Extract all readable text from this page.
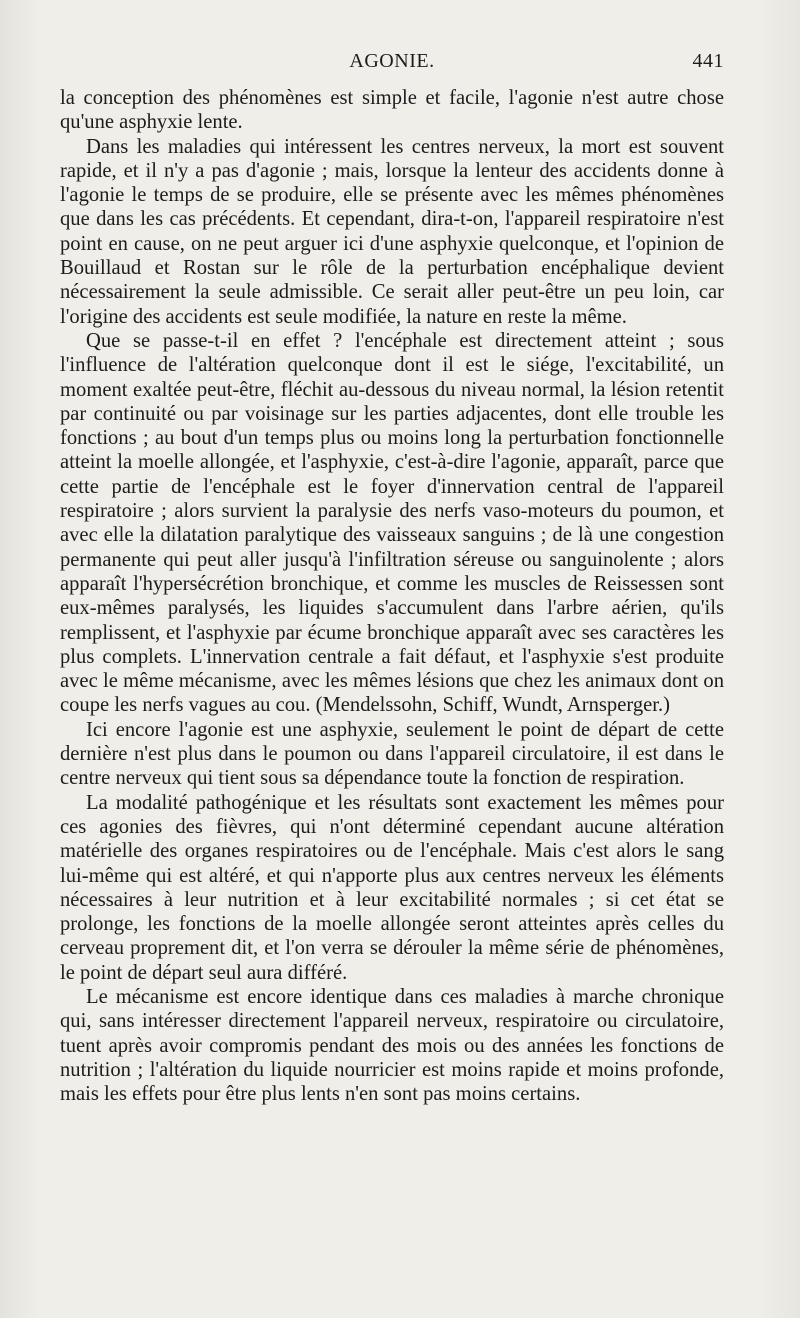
AGONIE.	441

la conception des phénomènes est simple et facile, l'agonie n'est autre chose qu'une asphyxie lente.

Dans les maladies qui intéressent les centres nerveux, la mort est souvent rapide, et il n'y a pas d'agonie ; mais, lorsque la lenteur des accidents donne à l'agonie le temps de se produire, elle se présente avec les mêmes phénomènes que dans les cas précédents. Et cependant, dira-t-on, l'appareil respiratoire n'est point en cause, on ne peut arguer ici d'une asphyxie quelconque, et l'opinion de Bouillaud et Rostan sur le rôle de la perturbation encéphalique devient nécessairement la seule admissible. Ce serait aller peut-être un peu loin, car l'origine des accidents est seule modifiée, la nature en reste la même.

Que se passe-t-il en effet ? l'encéphale est directement atteint ; sous l'influence de l'altération quelconque dont il est le siége, l'excitabilité, un moment exaltée peut-être, fléchit au-dessous du niveau normal, la lésion retentit par continuité ou par voisinage sur les parties adjacentes, dont elle trouble les fonctions ; au bout d'un temps plus ou moins long la perturbation fonctionnelle atteint la moelle allongée, et l'asphyxie, c'est-à-dire l'agonie, apparaît, parce que cette partie de l'encéphale est le foyer d'innervation central de l'appareil respiratoire ; alors survient la paralysie des nerfs vaso-moteurs du poumon, et avec elle la dilatation paralytique des vaisseaux sanguins ; de là une congestion permanente qui peut aller jusqu'à l'infiltration séreuse ou sanguinolente ; alors apparaît l'hypersécrétion bronchique, et comme les muscles de Reissessen sont eux-mêmes paralysés, les liquides s'accumulent dans l'arbre aérien, qu'ils remplissent, et l'asphyxie par écume bronchique apparaît avec ses caractères les plus complets. L'innervation centrale a fait défaut, et l'asphyxie s'est produite avec le même mécanisme, avec les mêmes lésions que chez les animaux dont on coupe les nerfs vagues au cou. (Mendelssohn, Schiff, Wundt, Arnsperger.)

Ici encore l'agonie est une asphyxie, seulement le point de départ de cette dernière n'est plus dans le poumon ou dans l'appareil circulatoire, il est dans le centre nerveux qui tient sous sa dépendance toute la fonction de respiration.

La modalité pathogénique et les résultats sont exactement les mêmes pour ces agonies des fièvres, qui n'ont déterminé cependant aucune altération matérielle des organes respiratoires ou de l'encéphale. Mais c'est alors le sang lui-même qui est altéré, et qui n'apporte plus aux centres nerveux les éléments nécessaires à leur nutrition et à leur excitabilité normales ; si cet état se prolonge, les fonctions de la moelle allongée seront atteintes après celles du cerveau proprement dit, et l'on verra se dérouler la même série de phénomènes, le point de départ seul aura différé.

Le mécanisme est encore identique dans ces maladies à marche chronique qui, sans intéresser directement l'appareil nerveux, respiratoire ou circulatoire, tuent après avoir compromis pendant des mois ou des années les fonctions de nutrition ; l'altération du liquide nourricier est moins rapide et moins profonde, mais les effets pour être plus lents n'en sont pas moins certains.
